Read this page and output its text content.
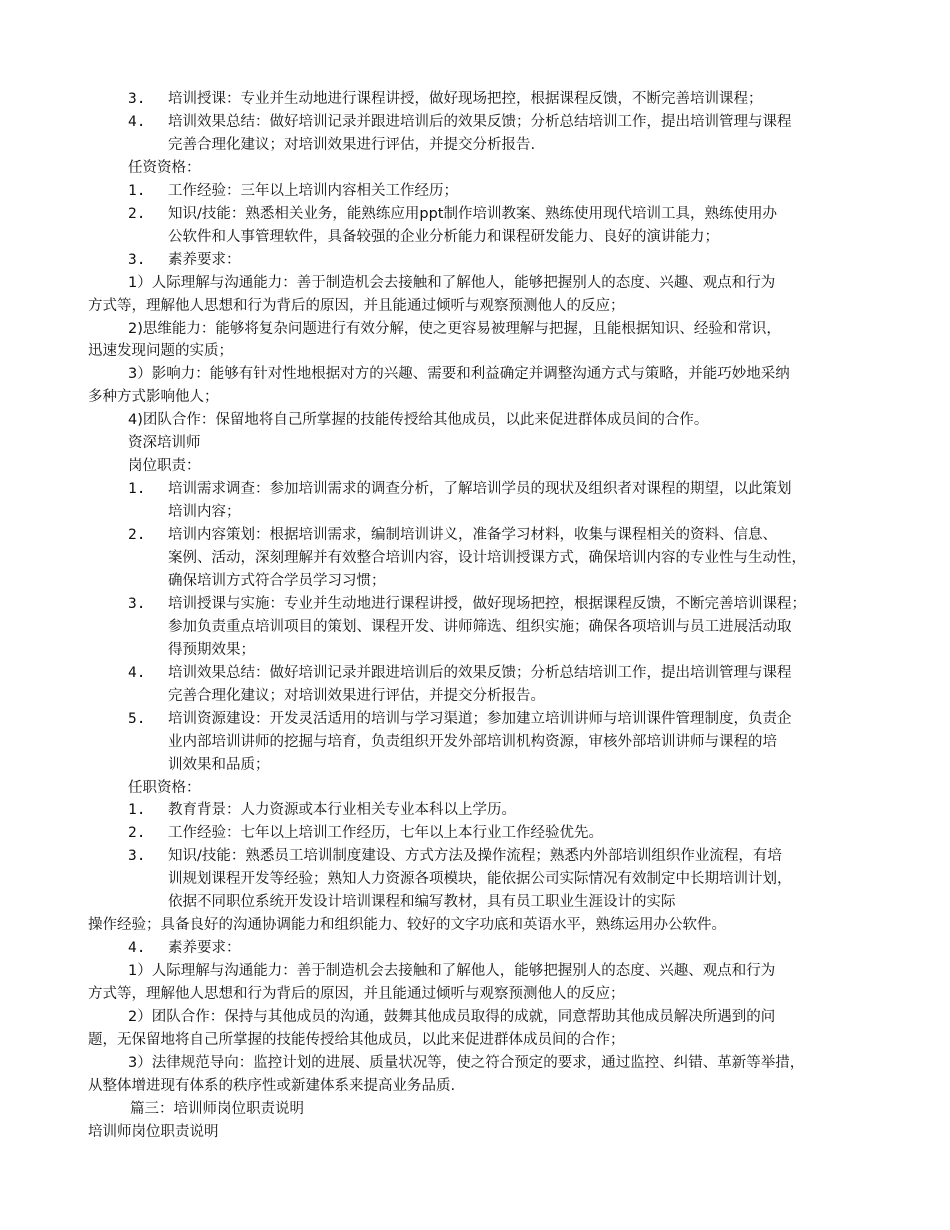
3. 培训授课：专业并生动地进行课程讲授，做好现场把控，根据课程反馈，不断完善培训课程；
4. 培训效果总结：做好培训记录并跟进培训后的效果反馈；分析总结培训工作，提出培训管理与课程
完善合理化建议；对培训效果进行评估，并提交分析报告.
任资资格：
1. 工作经验：三年以上培训内容相关工作经历；
2. 知识/技能：熟悉相关业务，能熟练应用ppt制作培训教案、熟练使用现代培训工具，熟练使用办
公软件和人事管理软件，具备较强的企业分析能力和课程研发能力、良好的演讲能力；
3. 素养要求：
1）人际理解与沟通能力：善于制造机会去接触和了解他人，能够把握别人的态度、兴趣、观点和行为
方式等，理解他人思想和行为背后的原因，并且能通过倾听与观察预测他人的反应；
2)思维能力：能够将复杂问题进行有效分解，使之更容易被理解与把握，且能根据知识、经验和常识，
迅速发现问题的实质；
3）影响力：能够有针对性地根据对方的兴趣、需要和利益确定并调整沟通方式与策略，并能巧妙地采纳
多种方式影响他人；
4)团队合作：保留地将自己所掌握的技能传授给其他成员，以此来促进群体成员间的合作。
资深培训师
岗位职责：
1. 培训需求调查：参加培训需求的调查分析，了解培训学员的现状及组织者对课程的期望，以此策划
培训内容；
2. 培训内容策划：根据培训需求，编制培训讲义，准备学习材料，收集与课程相关的资料、信息、
案例、活动，深刻理解并有效整合培训内容，设计培训授课方式，确保培训内容的专业性与生动性，
确保培训方式符合学员学习习惯；
3. 培训授课与实施：专业并生动地进行课程讲授，做好现场把控，根据课程反馈，不断完善培训课程；
参加负责重点培训项目的策划、课程开发、讲师筛选、组织实施；确保各项培训与员工进展活动取
得预期效果；
4. 培训效果总结：做好培训记录并跟进培训后的效果反馈；分析总结培训工作，提出培训管理与课程
完善合理化建议；对培训效果进行评估，并提交分析报告。
5. 培训资源建设：开发灵活适用的培训与学习渠道；参加建立培训讲师与培训课件管理制度，负责企
业内部培训讲师的挖掘与培育，负责组织开发外部培训机构资源，审核外部培训讲师与课程的培
训效果和品质；
任职资格：
1. 教育背景：人力资源或本行业相关专业本科以上学历。
2. 工作经验：七年以上培训工作经历，七年以上本行业工作经验优先。
3. 知识/技能：熟悉员工培训制度建设、方式方法及操作流程；熟悉内外部培训组织作业流程，有培
训规划课程开发等经验；熟知人力资源各项模块，能依据公司实际情况有效制定中长期培训计划，
依据不同职位系统开发设计培训课程和编写教材，具有员工职业生涯设计的实际
操作经验；具备良好的沟通协调能力和组织能力、较好的文字功底和英语水平，熟练运用办公软件。
4. 素养要求：
1）人际理解与沟通能力：善于制造机会去接触和了解他人，能够把握别人的态度、兴趣、观点和行为
方式等，理解他人思想和行为背后的原因，并且能通过倾听与观察预测他人的反应；
2）团队合作：保持与其他成员的沟通，鼓舞其他成员取得的成就，同意帮助其他成员解决所遇到的问
题，无保留地将自己所掌握的技能传授给其他成员，以此来促进群体成员间的合作；
3）法律规范导向：监控计划的进展、质量状况等，使之符合预定的要求，通过监控、纠错、革新等举措，
从整体增进现有体系的秩序性或新建体系来提高业务品质.
篇三：培训师岗位职责说明
培训师岗位职责说明
